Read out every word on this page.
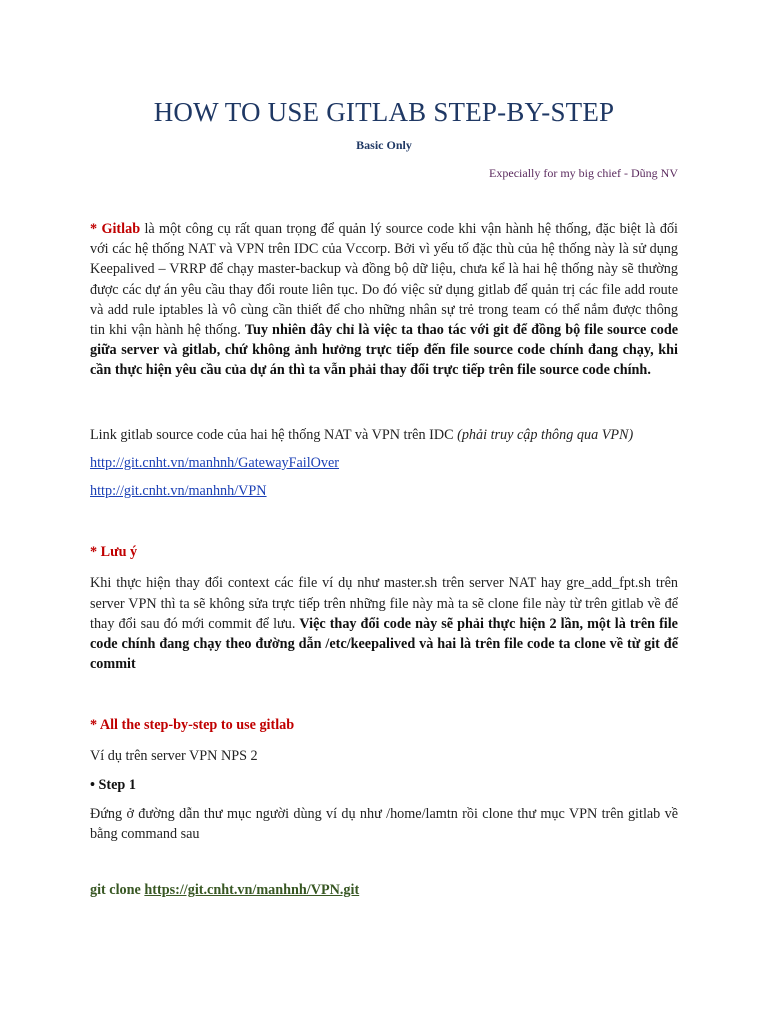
HOW TO USE GITLAB STEP-BY-STEP
Basic Only
Expecially for my big chief - Dũng NV

* Gitlab là một công cụ rất quan trọng để quản lý source code khi vận hành hệ thống, đặc biệt là đối với các hệ thống NAT và VPN trên IDC của Vccorp. Bởi vì yếu tố đặc thù của hệ thống này là sử dụng Keepalived – VRRP để chạy master-backup và đồng bộ dữ liệu, chưa kể là hai hệ thống này sẽ thường được các dự án yêu cầu thay đổi route liên tục. Do đó việc sử dụng gitlab để quản trị các file add route và add rule iptables là vô cùng cần thiết để cho những nhân sự trẻ trong team có thể nắm được thông tin khi vận hành hệ thống. Tuy nhiên đây chỉ là việc ta thao tác với git để đồng bộ file source code giữa server và gitlab, chứ không ảnh hưởng trực tiếp đến file source code chính đang chạy, khi cần thực hiện yêu cầu của dự án thì ta vẫn phải thay đổi trực tiếp trên file source code chính.

Link gitlab source code của hai hệ thống NAT và VPN trên IDC (phải truy cập thông qua VPN)

http://git.cnht.vn/manhnh/GatewayFailOver

http://git.cnht.vn/manhnh/VPN

* Lưu ý

Khi thực hiện thay đổi context các file ví dụ như master.sh trên server NAT hay gre_add_fpt.sh trên server VPN thì ta sẽ không sửa trực tiếp trên những file này mà ta sẽ clone file này từ trên gitlab về để thay đổi sau đó mới commit để lưu. Việc thay đổi code này sẽ phải thực hiện 2 lần, một là trên file code chính đang chạy theo đường dẫn /etc/keepalived và hai là trên file code ta clone về từ git để commit

* All the step-by-step to use gitlab

Ví dụ trên server VPN NPS 2

• Step 1

Đứng ở đường dẫn thư mục người dùng ví dụ như /home/lamtn rồi clone thư mục VPN trên gitlab về bằng command sau

git clone https://git.cnht.vn/manhnh/VPN.git
